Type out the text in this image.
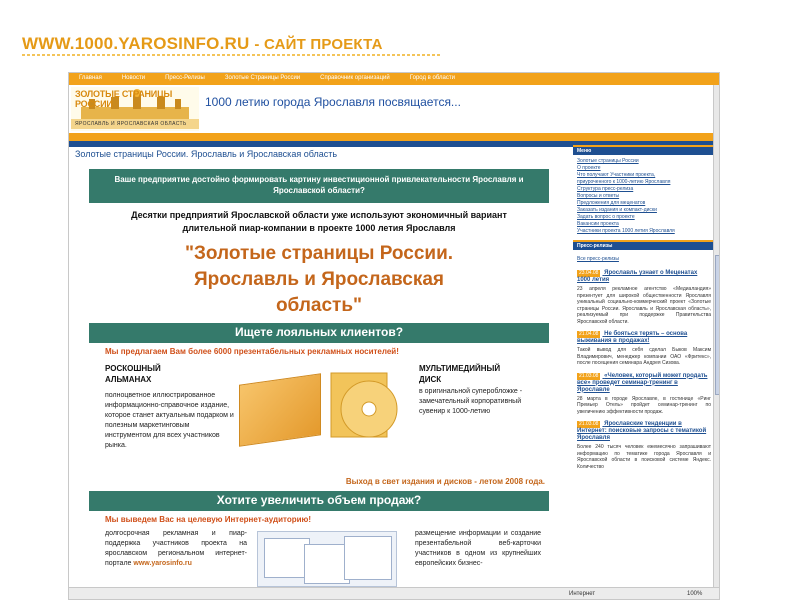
WWW.1000.YAROSINFO.RU - САЙТ ПРОЕКТА
Главная	Новости	Пресс-Релизы	Золотые Страницы России	Справочник организаций	Город в области
ЗОЛОТЫЕ СТРАНИЦЫ РОССИИ
ЯРОСЛАВЛЬ И ЯРОСЛАВСКАЯ ОБЛАСТЬ
1000 летию города Ярославля посвящается...
Золотые страницы России. Ярославль и Ярославская область
Ваше предприятие достойно формировать картину инвестиционной привлекательности Ярославля и Ярославской области?
Десятки предприятий Ярославской области уже используют экономичный вариант
длительной пиар-компании в проекте 1000 летия Ярославля
"Золотые страницы России.
Ярославль и Ярославская
область"
Ищете лояльных клиентов?
Мы предлагаем Вам более 6000 презентабельных рекламных носителей!
РОСКОШНЫЙ
АЛЬМАНАХ
полноцветное иллюстрированное информационно-справочное издание, которое станет актуальным подарком и полезным маркетинговым инструментом для всех участников рынка.
МУЛЬТИМЕДИЙНЫЙ
ДИСК
в оригинальной суперобложке - замечательный корпоративный сувенир к 1000-летию
Выход в свет издания и дисков - летом 2008 года.
Хотите увеличить объем продаж?
Мы выведем Вас на целевую Интернет-аудиторию!
долгосрочная рекламная и пиар-поддержка участников проекта на ярославском региональном интернет-портале www.yarosinfo.ru
размещение информации и создание презентабельной веб-карточки участников в одном из крупнейших европейских бизнес-
Меню
Золотые страницы России
О проекте
Что получают Участники проекта,
приуроченного к 1000-летию Ярославля
Структура пресс-релиза
Вопросы и ответы
Предложения для меценатов
Заказать издания и компакт-диски
Задать вопрос о проекте
Вакансии проекта
Участники проекта 1000 летия Ярославля
Пресс-релизы
Все пресс-релизы
23.04.08 Ярославль узнает о Меценатах 1000 летия
23 апреля рекламное агентство «Медиаландия» презентует для широкой общественности Ярославля уникальный социально-коммерческий проект «Золотые страницы России. Ярославль и Ярославская область», реализуемый при поддержке Правительства Ярославской области.
21.04.08 Не бояться терять – основа выживания в продажах!
Такой вывод для себя сделал Быков Максим Владимирович, менеджер компании ОАО «Фритекс», после посещения семинара Андрея Сизова.
21.03.08 «Человек, который может продать все» проведет семинар-тренинг в Ярославле
28 марта в городе Ярославле, в гостинице «Ринг Премьер Отель» пройдет семинар-тренинг по увеличению эффективности продаж.
21.03.08 Ярославские тенденции в Интернет: поисковые запросы с тематикой Ярославля
Более 240 тысяч человек ежемесячно запрашивают информацию по тематике города Ярославля и Ярославской области в поисковой системе Яндекс. Количество
Интернет	100%
